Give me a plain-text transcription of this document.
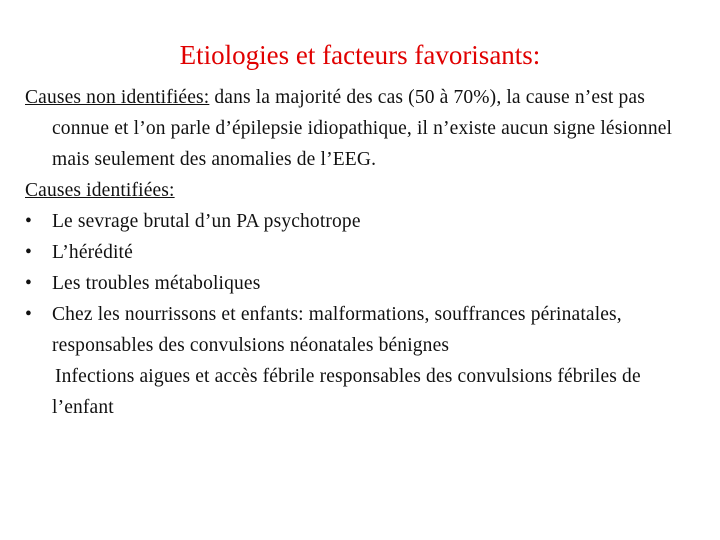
Etiologies et facteurs favorisants:

Causes non identifiées: dans la majorité des cas (50 à 70%), la cause n’est pas connue et l’on parle d’épilepsie idiopathique, il n’existe aucun signe lésionnel mais seulement des anomalies de l’EEG.

Causes identifiées:

•	Le sevrage brutal d’un PA psychotrope
•	L’hérédité
•	Les troubles métaboliques
•	Chez les nourrissons et enfants: malformations, souffrances périnatales, responsables des convulsions néonatales bénignes

Infections aigues et accès fébrile responsables des convulsions fébriles de l’enfant
